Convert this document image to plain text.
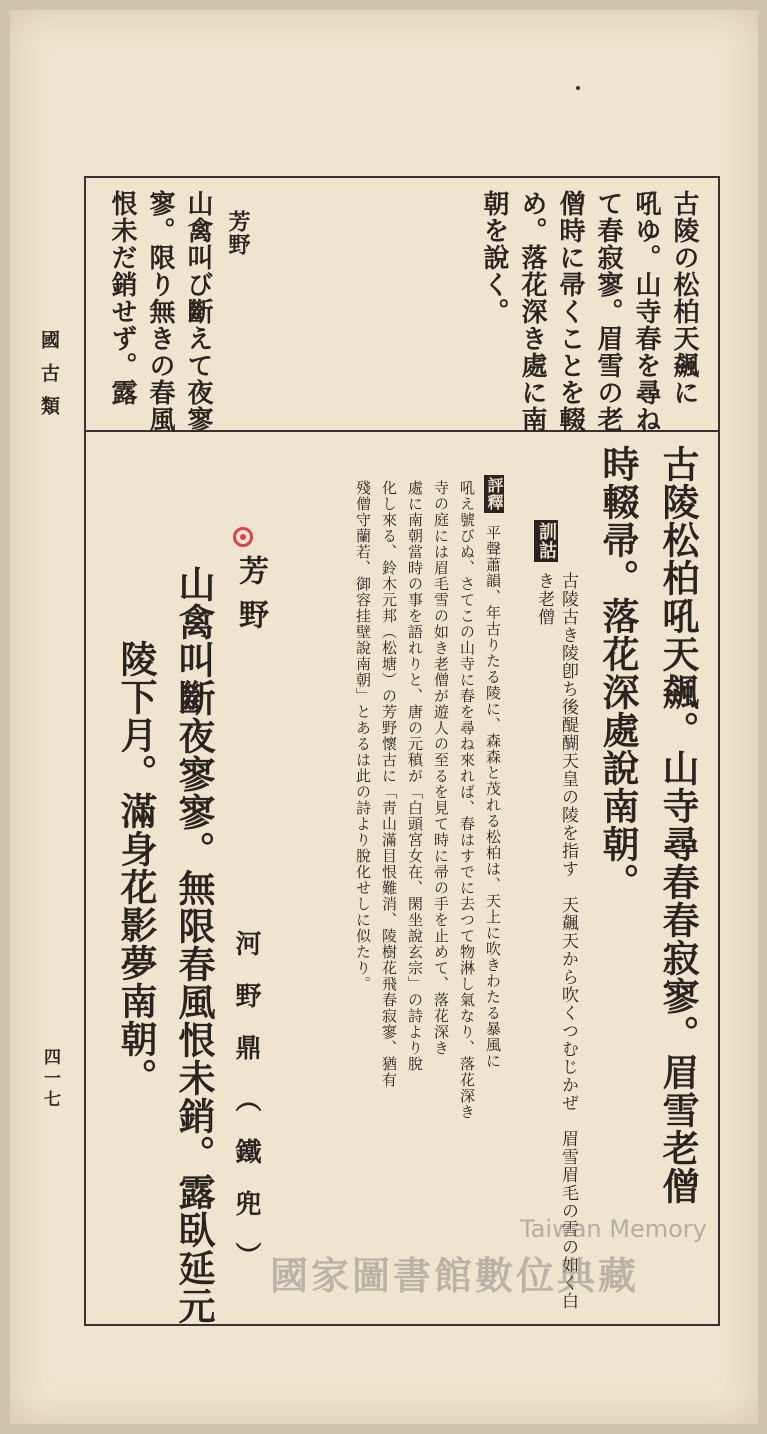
古陵の松柏天飆に
吼ゆ。山寺春を尋ね
て春寂寥。眉雪の老
僧時に帚くことを輟
め。落花深き處に南
朝を說く。
芳野
山禽叫び斷えて夜寥
寥。限り無きの春風
恨未だ銷せず。露
古陵松柏吼天飆。山寺尋春春寂寥。眉雪老僧
時輟帚。落花深處說南朝。
訓詁
古陵古き陵卽ち後醍醐天皇の陵を指す　天飆天から吹くつむじかぜ　眉雪眉毛の雪の如く白き老僧
評釋
平聲蕭韻、年古りたる陵に、森森と茂れる松柏は、天上に吹きわたる暴風に
吼え號びぬ、さてこの山寺に春を尋ね來れば、春はすでに去つて物淋し氣なり、落花深き
寺の庭には眉毛雪の如き老僧が遊人の至るを見て時に帚の手を止めて、落花深き
處に南朝當時の事を語れりと、唐の元稹が「白頭宮女在、閑坐說玄宗」の詩より脫
化し來る、鈴木元邦（松塘）の芳野懷古に「靑山滿目恨難消、陵樹花飛春寂寥、猶有
殘僧守蘭若、御容挂壁說南朝」とあるは此の詩より脫化せしに似たり。
芳野
河野鼎（鐵兜）
山禽叫斷夜寥寥。無限春風恨未銷。露臥延元
陵下月。滿身花影夢南朝。
國古類
四一七
Taiwan Memory
國家圖書館數位典藏
